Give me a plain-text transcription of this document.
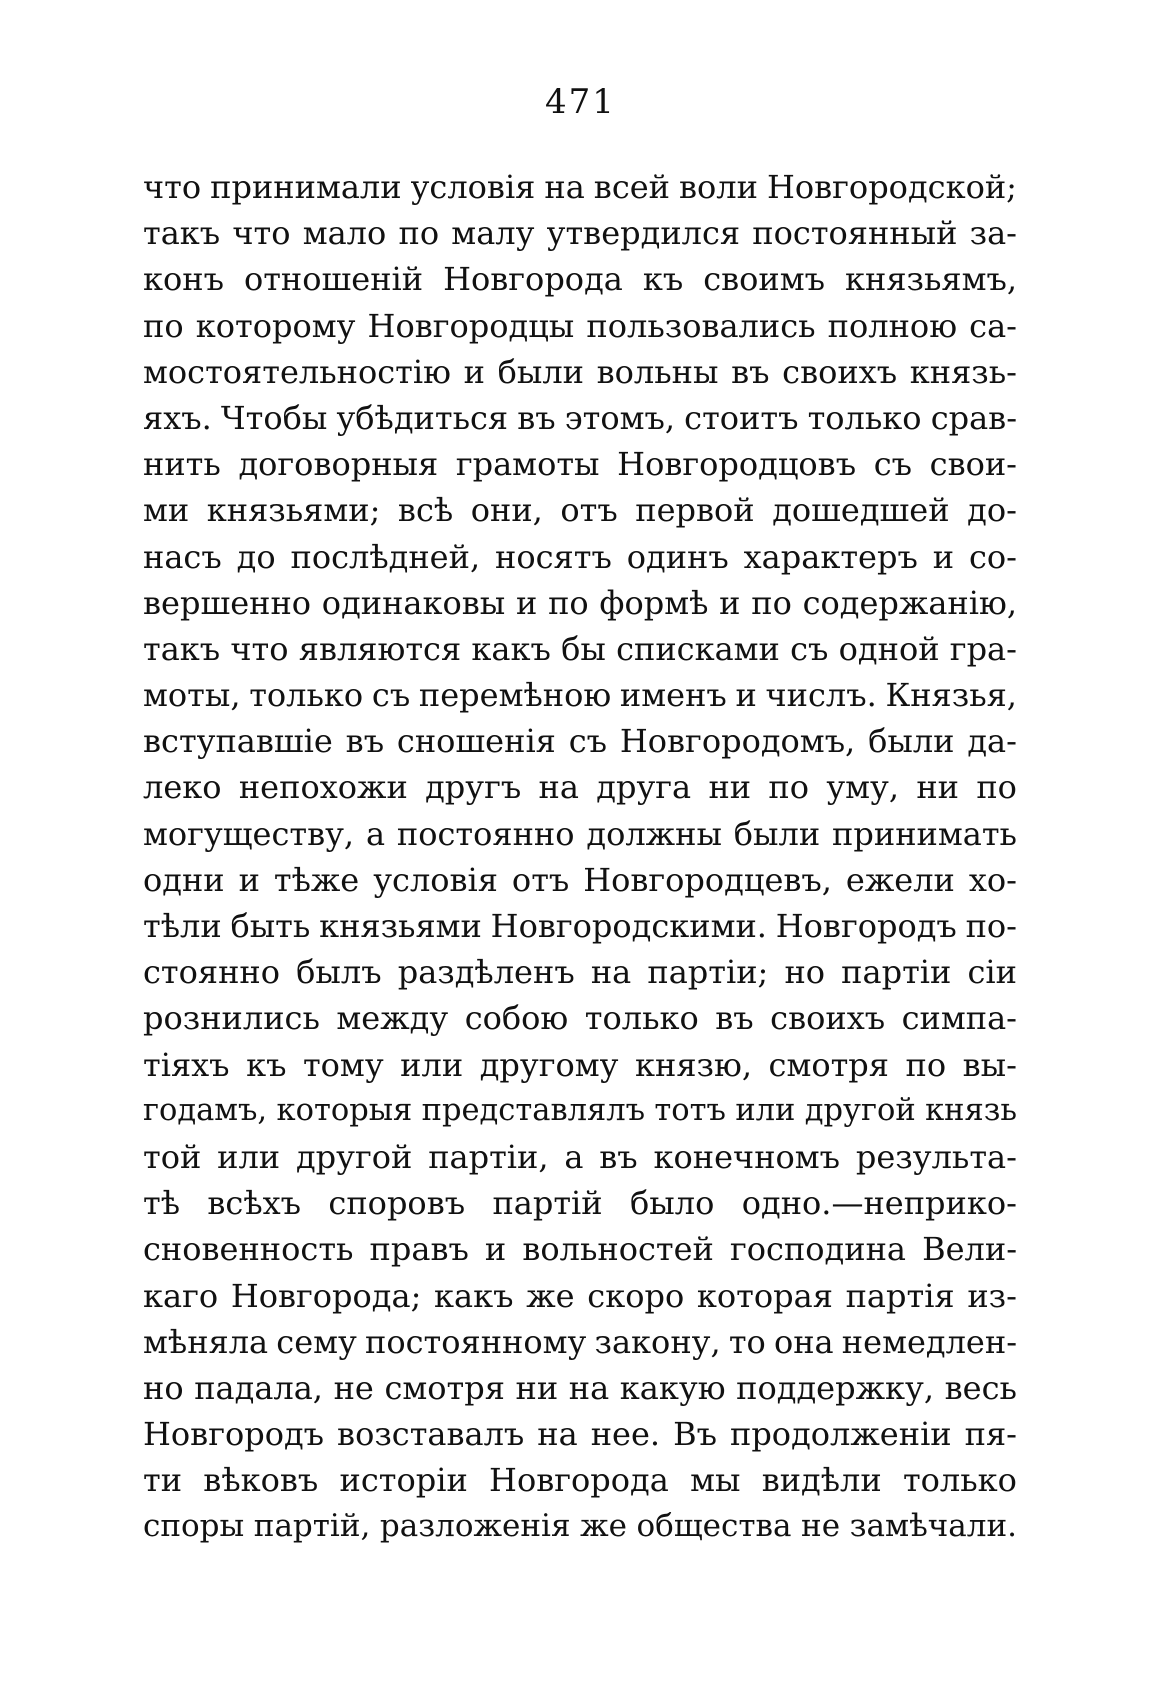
471
что принимали условія на всей воли Новгородской;
такъ что мало по малу утвердился постоянный за-
конъ отношеній Новгорода къ своимъ князьямъ,
по которому Новгородцы пользовались полною са-
мостоятельностію и были вольны въ своихъ князь-
яхъ. Чтобы убѣдиться въ этомъ, стоитъ только срав-
нить договорныя грамоты Новгородцовъ съ свои-
ми князьями; всѣ они, отъ первой дошедшей до-
насъ до послѣдней, носятъ одинъ характеръ и со-
вершенно одинаковы и по формѣ и по содержанію,
такъ что являются какъ бы списками съ одной гра-
моты, только съ перемѣною именъ и числъ. Князья,
вступавшіе въ сношенія съ Новгородомъ, были да-
леко непохожи другъ на друга ни по уму, ни по
могуществу, а постоянно должны были принимать
одни и тѣже условія отъ Новгородцевъ, ежели хо-
тѣли быть князьями Новгородскими. Новгородъ по-
стоянно былъ раздѣленъ на партіи; но партіи сіи
рознились между собою только въ своихъ симпа-
тіяхъ къ тому или другому князю, смотря по вы-
годамъ, которыя представлялъ тотъ или другой князь
той или другой партіи, а въ конечномъ результа-
тѣ всѣхъ споровъ партій было одно.—неприко-
сновенность правъ и вольностей господина Вели-
каго Новгорода; какъ же скоро которая партія из-
мѣняла сему постоянному закону, то она немедлен-
но падала, не смотря ни на какую поддержку, весь
Новгородъ возставалъ на нее. Въ продолженіи пя-
ти вѣковъ исторіи Новгорода мы видѣли только
споры партій, разложенія же общества не замѣчали.
